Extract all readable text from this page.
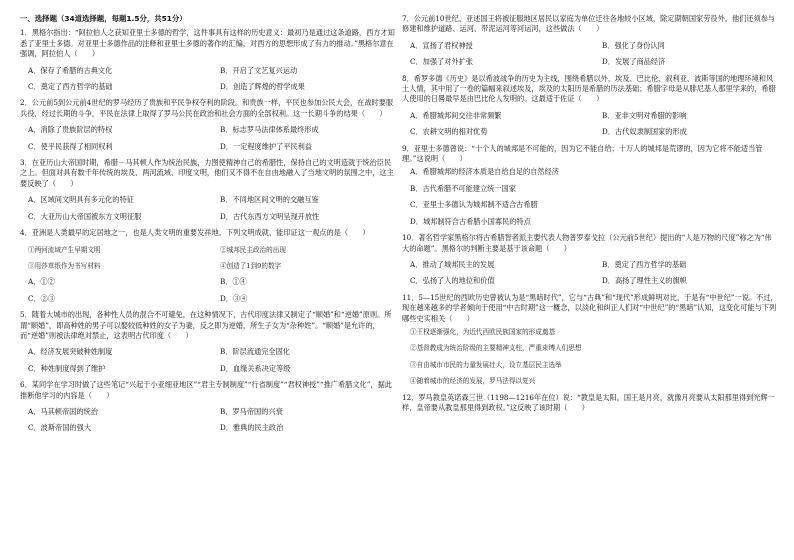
一、选择题（34道选择题，每题1.5分，共51分）
1．黑格尔指出：“阿拉伯人之获知亚里士多德的哲学，这件事具有这样的历史意义：最初乃是通过这条道路，西方才知悉了亚里士多德。对亚里士多德作品的注释和亚里士多德的著作的汇编，对西方的思想形成了有力的推动。”黑格尔意在强调，阿拉伯人（　　）
A．保存了希腊的古典文化	B．开启了文艺复兴运动
C．奠定了西方哲学的基础	D．创造了辉煌的哲学成果
2．公元前5到公元前4世纪的罗马经历了贵族和平民争权夺利的阶段。和贵族一样，平民也参加公民大会，在战时要服兵役，经过长期的斗争，平民在法律上取得了罗马公民在政治和社会方面的全部权利。这一长期斗争的结果（　　）
A．消除了贵族阶层的特权	B．标志罗马法律体系最终形成
C．使平民获得了相同权利	D．一定程度维护了平民利益
3．在亚历山大帝国时期，希腊－马其顿人作为统治民族，力图使精神自己的希腊性，保持自己的文明造就于统治臣民之上。但面对具有数千年传统的埃及、两河流域、印度文明，他们又不得不在自由地融入了当地文明的氛围之中，这主要反映了（　　）
A．区域间文明具有多元化的特征	B．不同地区间文明的交融互鉴
C．大亚历山大帝国被东方文明征服	D．古代东西方文明呈现开放性
4．亚洲是人类最早的定居地之一，也是人类文明的重要发祥地。下列文明成就，能印证这一观点的是（　　）
①两河流域产生早期文明	②城邦民主政治的出现
③用莎草纸作为书写材料	④创造了1到9的数字
A．①②	B．①④
C．②③	D．③④
5．随着大城市的出现，各种性人员的混合不可避免，在这种情况下，古代印度法律又制定了“顺婚”和“逆婚”原则。所谓“顺婚”，即高种姓的男子可以娶较低种姓的女子为妻，反之即为逆婚，所生子女为“杂种姓”。“顺婚”是允许的，而“逆婚”则被法律绝对禁止，这表明古代印度（　　）
A．经济发展突破种姓制度	B．阶层流通完全固化
C．种姓制度得到了维护	D．血缘关系决定等级
6．某同学在学习时做了这些笔记“兴起于小亚细亚地区”“君主专制制度”“行省制度”“君权神授”“推广希腊文化”，据此推断他学习的内容是（　　）
A．马其顿帝国的统治	B．罗马帝国的兴衰
C．波斯帝国的强大	D．雅典的民主政治
7．公元前10世纪，亚述国王将被征服地区居民以家庭为单位迁往各地较小区域，除定期朝国家劳役外，他们还须参与修建和维护道路、运河、带泥运河等河运河，这些做法（　　）
A．宣扬了君权神授	B．强化了身份认同
C．加强了对外扩张	D．发展了商品经济
8．希罗多德《历史》是以希波战争的历史为主线，围绕希腊以外，埃及、巴比伦、叙利亚、波斯等国的地理环境和风土人情，其中用了一卷的篇幅来叙述埃及，埃及的太阳历是希腊的历法基础；希腊字母是从腓尼基人那里学来的，希腊人使用的日晷最早是由巴比伦人发明的。这最适于佐证（　　）
A．希腊城邦间交往非常频繁	B．亚非文明对希腊的影响
C．农耕文明的相对优势	D．古代奴隶制国家的形成
9．亚里士多德曾说：“十个人的城邦是不可能的，因为它不能自给；十万人的城邦是荒谬的，因为它将不能适当管理。”这说明（　　）
A．希腊城邦的经济本质是自给自足的自然经济
B．古代希腊不可能建立统一国家
C．亚里士多德认为城邦制不适合古希腊
D．城邦制符合古希腊小国寡民的特点
10．著名哲学家黑格尔将古希腊智者派主要代表人物普罗泰戈拉（公元前5世纪）提出的“人是万物的尺度”称之为“伟大的命题”。黑格尔的判断主要是基于该命题（　　）
A．推动了城邦民主的发展	B．奠定了西方哲学的基础
C．弘扬了人的地位和价值	D．高扬了理性主义的旗帜
11．5—15世纪的西欧历史曾被认为是“黑暗时代”，它与“古典”和“现代”形成鲜明对比，于是有“中世纪”一说。不过，现在越来越多的学者倾向于使用“中古时期”这一概念，以淡化和纠正人们对“中世纪”的“黑暗”认知，这变化可能与下列哪些史实相关（　　）
①王权逐渐强化，为近代西欧民族国家的形成奠基
②基督教成为统治阶级的主要精神支柱，严重束缚人们思想
③自由城市市民的力量发展壮大，设立基层民主选举
④随着城市的经济的发展，罗马法得以复兴
12．罗马教皇英诺森三世（1198—1216年在位）说：“教皇是太阳，国王是月亮，就像月亮要从太阳那里得到光辉一样，皇帝要从教皇那里得到政权。”这反映了该时期（　　）
